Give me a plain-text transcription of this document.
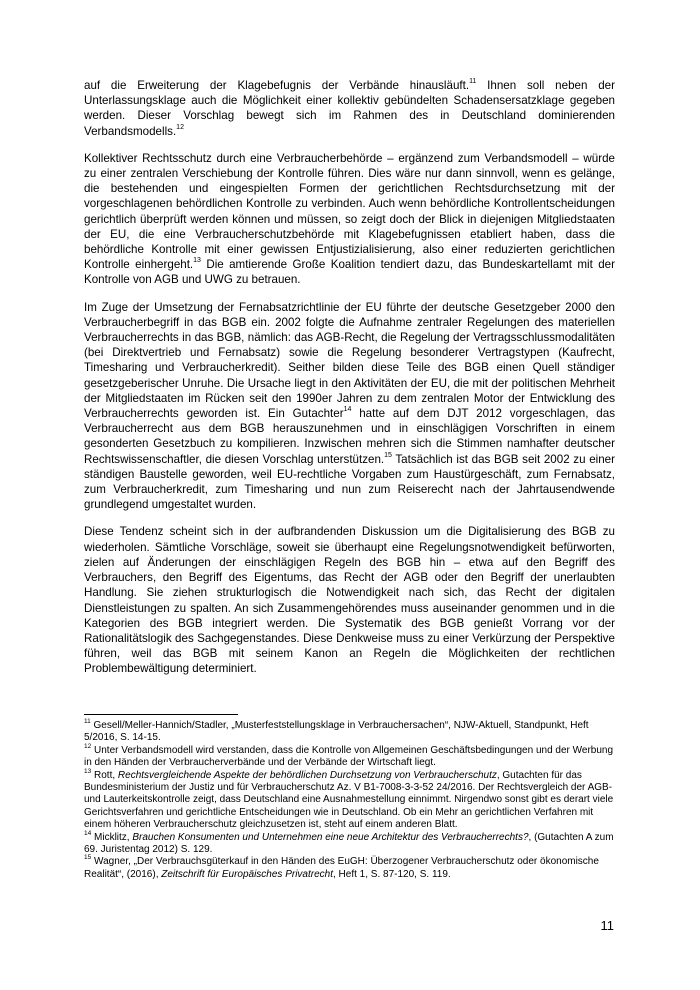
auf die Erweiterung der Klagebefugnis der Verbände hinausläuft.$^{11}$ Ihnen soll neben der Unterlassungsklage auch die Möglichkeit einer kollektiv gebündelten Schadensersatzklage gegeben werden. Dieser Vorschlag bewegt sich im Rahmen des in Deutschland dominierenden Verbandsmodells.$^{12}$

Kollektiver Rechtsschutz durch eine Verbraucherbehörde – ergänzend zum Verbandsmodell – würde zu einer zentralen Verschiebung der Kontrolle führen. Dies wäre nur dann sinnvoll, wenn es gelänge, die bestehenden und eingespielten Formen der gerichtlichen Rechtsdurchsetzung mit der vorgeschlagenen behördlichen Kontrolle zu verbinden. Auch wenn behördliche Kontrollentscheidungen gerichtlich überprüft werden können und müssen, so zeigt doch der Blick in diejenigen Mitgliedstaaten der EU, die eine Verbraucherschutzbehörde mit Klagebefugnissen etabliert haben, dass die behördliche Kontrolle mit einer gewissen Entjustizialisierung, also einer reduzierten gerichtlichen Kontrolle einhergeht.$^{13}$ Die amtierende Große Koalition tendiert dazu, das Bundeskartellamt mit der Kontrolle von AGB und UWG zu betrauen.

Im Zuge der Umsetzung der Fernabsatzrichtlinie der EU führte der deutsche Gesetzgeber 2000 den Verbraucherbegriff in das BGB ein. 2002 folgte die Aufnahme zentraler Regelungen des materiellen Verbraucherrechts in das BGB, nämlich: das AGB-Recht, die Regelung der Vertragsschlussmodalitäten (bei Direktvertrieb und Fernabsatz) sowie die Regelung besonderer Vertragstypen (Kaufrecht, Timesharing und Verbraucherkredit). Seither bilden diese Teile des BGB einen Quell ständiger gesetzgeberischer Unruhe. Die Ursache liegt in den Aktivitäten der EU, die mit der politischen Mehrheit der Mitgliedstaaten im Rücken seit den 1990er Jahren zu dem zentralen Motor der Entwicklung des Verbraucherrechts geworden ist. Ein Gutachter$^{14}$ hatte auf dem DJT 2012 vorgeschlagen, das Verbraucherrecht aus dem BGB herauszunehmen und in einschlägigen Vorschriften in einem gesonderten Gesetzbuch zu kompilieren. Inzwischen mehren sich die Stimmen namhafter deutscher Rechtswissenschaftler, die diesen Vorschlag unterstützen.$^{15}$ Tatsächlich ist das BGB seit 2002 zu einer ständigen Baustelle geworden, weil EU-rechtliche Vorgaben zum Haustürgeschäft, zum Fernabsatz, zum Verbraucherkredit, zum Timesharing und nun zum Reiserecht nach der Jahrtausendwende grundlegend umgestaltet wurden.

Diese Tendenz scheint sich in der aufbrandenden Diskussion um die Digitalisierung des BGB zu wiederholen. Sämtliche Vorschläge, soweit sie überhaupt eine Regelungsnotwendigkeit befürworten, zielen auf Änderungen der einschlägigen Regeln des BGB hin – etwa auf den Begriff des Verbrauchers, den Begriff des Eigentums, das Recht der AGB oder den Begriff der unerlaubten Handlung. Sie ziehen strukturlogisch die Notwendigkeit nach sich, das Recht der digitalen Dienstleistungen zu spalten. An sich Zusammengehörendes muss auseinander genommen und in die Kategorien des BGB integriert werden. Die Systematik des BGB genießt Vorrang vor der Rationalitätslogik des Sachgegenstandes. Diese Denkweise muss zu einer Verkürzung der Perspektive führen, weil das BGB mit seinem Kanon an Regeln die Möglichkeiten der rechtlichen Problembewältigung determiniert.

$^{11}$ Gesell/Meller-Hannich/Stadler, „Musterfeststellungsklage in Verbrauchersachen“, NJW-Aktuell, Standpunkt, Heft 5/2016, S. 14-15.

$^{12}$ Unter Verbandsmodell wird verstanden, dass die Kontrolle von Allgemeinen Geschäftsbedingungen und der Werbung in den Händen der Verbraucherverbände und der Verbände der Wirtschaft liegt.

$^{13}$ Rott, Rechtsvergleichende Aspekte der behördlichen Durchsetzung von Verbraucherschutz, Gutachten für das Bundesministerium der Justiz und für Verbraucherschutz Az. V B1-7008-3-3-52 24/2016. Der Rechtsvergleich der AGB- und Lauterkeitskontrolle zeigt, dass Deutschland eine Ausnahmestellung einnimmt. Nirgendwo sonst gibt es derart viele Gerichtsverfahren und gerichtliche Entscheidungen wie in Deutschland. Ob ein Mehr an gerichtlichen Verfahren mit einem höheren Verbraucherschutz gleichzusetzen ist, steht auf einem anderen Blatt.

$^{14}$ Micklitz, Brauchen Konsumenten und Unternehmen eine neue Architektur des Verbraucherrechts?, (Gutachten A zum 69. Juristentag 2012) S. 129.

$^{15}$ Wagner, „Der Verbrauchsgüterkauf in den Händen des EuGH: Überzogener Verbraucherschutz oder ökonomische Realität“, (2016), Zeitschrift für Europäisches Privatrecht, Heft 1, S. 87-120, S. 119.

11
